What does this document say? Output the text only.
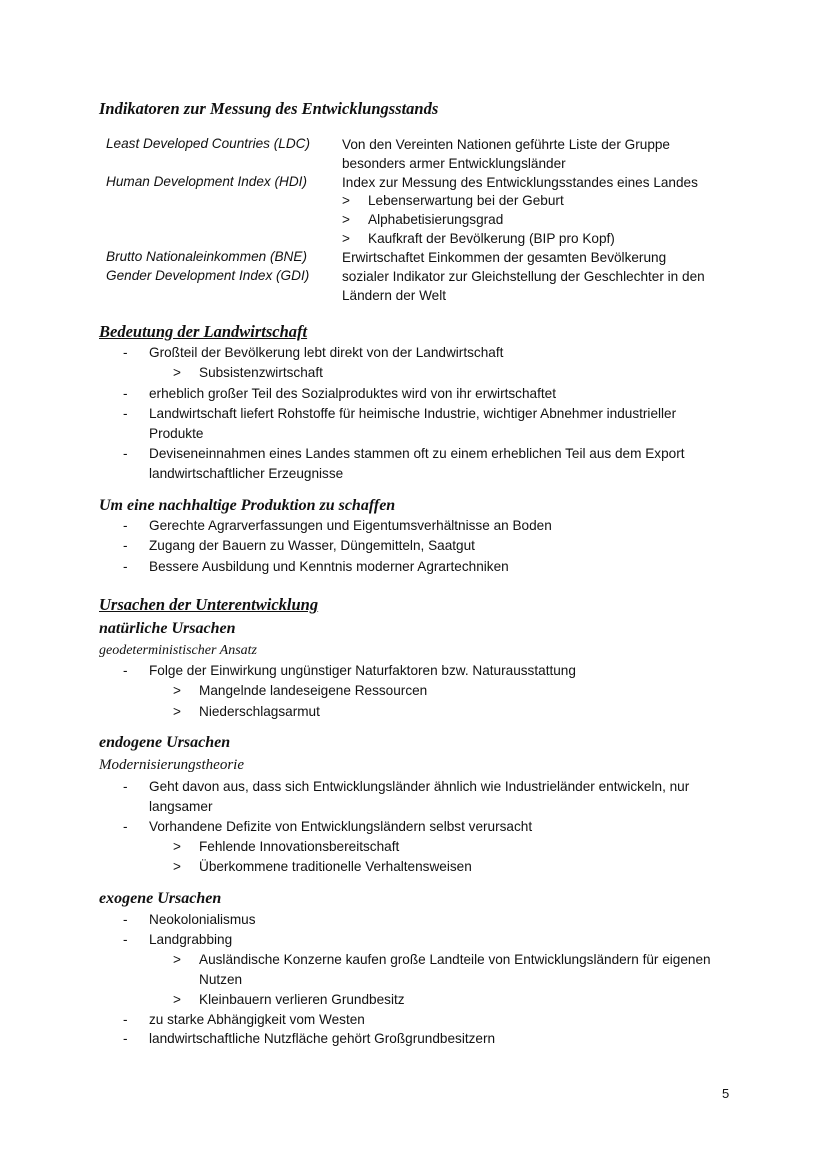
Indikatoren zur Messung des Entwicklungsstands
Least Developed Countries (LDC) Von den Vereinten Nationen geführte Liste der Gruppe
besonders armer Entwicklungsländer
Human Development Index (HDI)	Index zur Messung des Entwicklungsstandes eines Landes
> Lebenserwartung bei der Geburt
> Alphabetisierungsgrad
> Kaufkraft der Bevölkerung (BIP pro Kopf)
Brutto Nationaleinkommen (BNE)	Erwirtschaftet Einkommen der gesamten Bevölkerung
Gender Development Index (GDI) sozialer Indikator zur Gleichstellung der Geschlechter in den
Ländern der Welt
Bedeutung der Landwirtschaft
- Großteil der Bevölkerung lebt direkt von der Landwirtschaft
> Subsistenzwirtschaft
- erheblich großer Teil des Sozialproduktes wird von ihr erwirtschaftet
- Landwirtschaft liefert Rohstoffe für heimische Industrie, wichtiger Abnehmer industrieller
Produkte
- Deviseneinnahmen eines Landes stammen oft zu einem erheblichen Teil aus dem Export
landwirtschaftlicher Erzeugnisse
Um eine nachhaltige Produktion zu schaffen
- Gerechte Agrarverfassungen und Eigentumsverhältnisse an Boden
- Zugang der Bauern zu Wasser, Düngemitteln, Saatgut
- Bessere Ausbildung und Kenntnis moderner Agrartechniken
Ursachen der Unterentwicklung
natürliche Ursachen
geodeterministischer Ansatz
- Folge der Einwirkung ungünstiger Naturfaktoren bzw. Naturausstattung
> Mangelnde landeseigene Ressourcen
> Niederschlagsarmut
endogene Ursachen
Modernisierungstheorie
- Geht davon aus, dass sich Entwicklungsländer ähnlich wie Industrieländer entwickeln, nur
langsamer
- Vorhandene Defizite von Entwicklungsländern selbst verursacht
> Fehlende Innovationsbereitschaft
> Überkommene traditionelle Verhaltensweisen
exogene Ursachen
- Neokolonialismus
- Landgrabbing
> Ausländische Konzerne kaufen große Landteile von Entwicklungsländern für eigenen
Nutzen
> Kleinbauern verlieren Grundbesitz
- zu starke Abhängigkeit vom Westen
- landwirtschaftliche Nutzfläche gehört Großgrundbesitzern
5
